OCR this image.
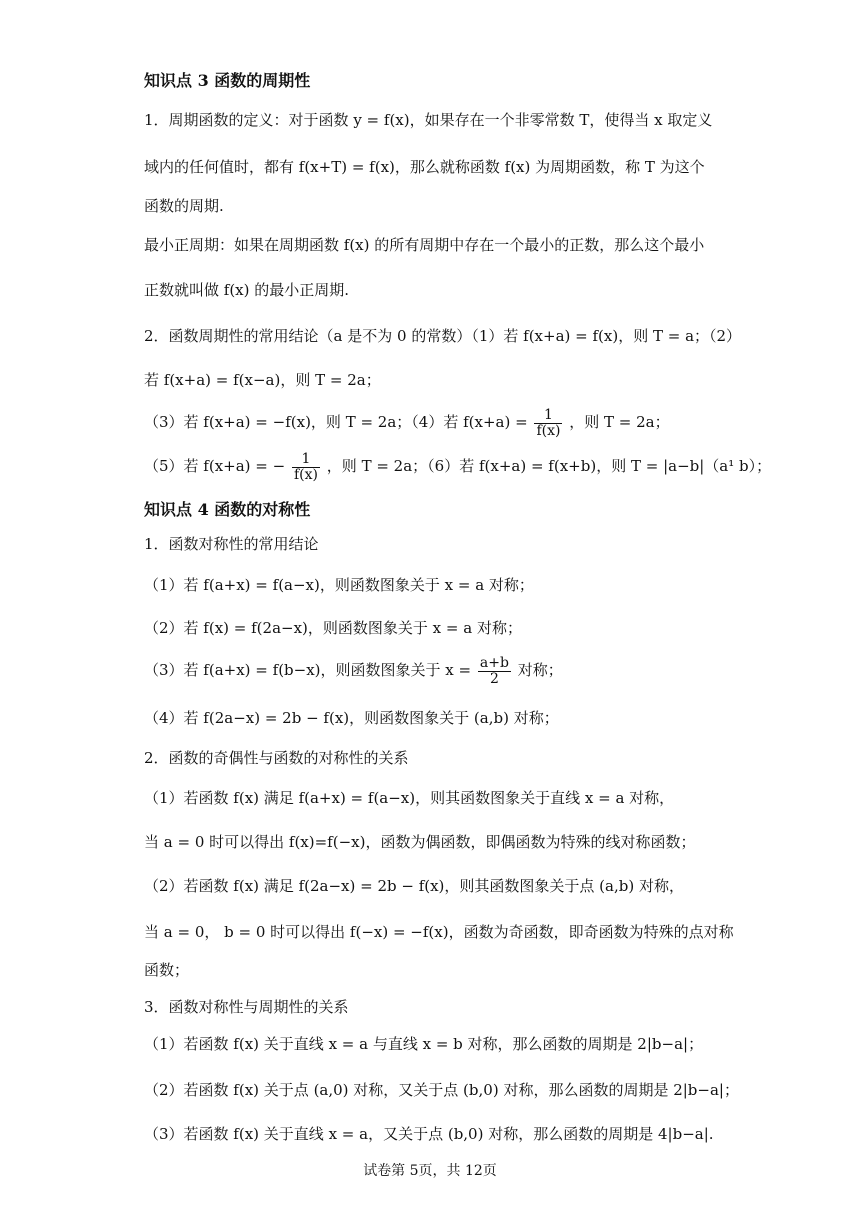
知识点 3 函数的周期性
1．周期函数的定义：对于函数 y = f(x)，如果存在一个非零常数 T，使得当 x 取定义
域内的任何值时，都有 f(x+T) = f(x)，那么就称函数 f(x) 为周期函数，称 T 为这个
函数的周期.
最小正周期：如果在周期函数 f(x) 的所有周期中存在一个最小的正数，那么这个最小
正数就叫做 f(x) 的最小正周期.
2．函数周期性的常用结论（a 是不为 0 的常数）（1）若 f(x+a) = f(x)，则 T = a；（2）
若 f(x+a) = f(x−a)，则 T = 2a；
（3）若 f(x+a) = −f(x)，则 T = 2a；（4）若 $f(x+a) = \frac{1}{f(x)}$ ，则 T = 2a；
（5）若 f(x+a) = − $\frac{1}{f(x)}$ ，则 T = 2a；（6）若 f(x+a) = f(x+b)，则 T = |a−b|（a¹ b）；
知识点 4 函数的对称性
1．函数对称性的常用结论
（1）若 f(a+x) = f(a−x)，则函数图象关于 x = a 对称；
（2）若 f(x) = f(2a−x)，则函数图象关于 x = a 对称；
（3）若 f(a+x) = f(b−x)，则函数图象关于 $x = \frac{a+b}{2}$ 对称；
（4）若 f(2a−x) = 2b − f(x)，则函数图象关于 (a,b) 对称；
2．函数的奇偶性与函数的对称性的关系
（1）若函数 f(x) 满足 f(a+x) = f(a−x)，则其函数图象关于直线 x = a 对称，
当 a = 0 时可以得出 f(x)=f(−x)，函数为偶函数，即偶函数为特殊的线对称函数；
（2）若函数 f(x) 满足 f(2a−x) = 2b − f(x)，则其函数图象关于点 (a,b) 对称，
当 a = 0， b = 0 时可以得出 f(−x) = −f(x)，函数为奇函数，即奇函数为特殊的点对称
函数；
3．函数对称性与周期性的关系
（1）若函数 f(x) 关于直线 x = a 与直线 x = b 对称，那么函数的周期是 2|b−a|；
（2）若函数 f(x) 关于点 (a,0) 对称，又关于点 (b,0) 对称，那么函数的周期是 2|b−a|；
（3）若函数 f(x) 关于直线 x = a，又关于点 (b,0) 对称，那么函数的周期是 4|b−a|.
试卷第 5页，共 12页
